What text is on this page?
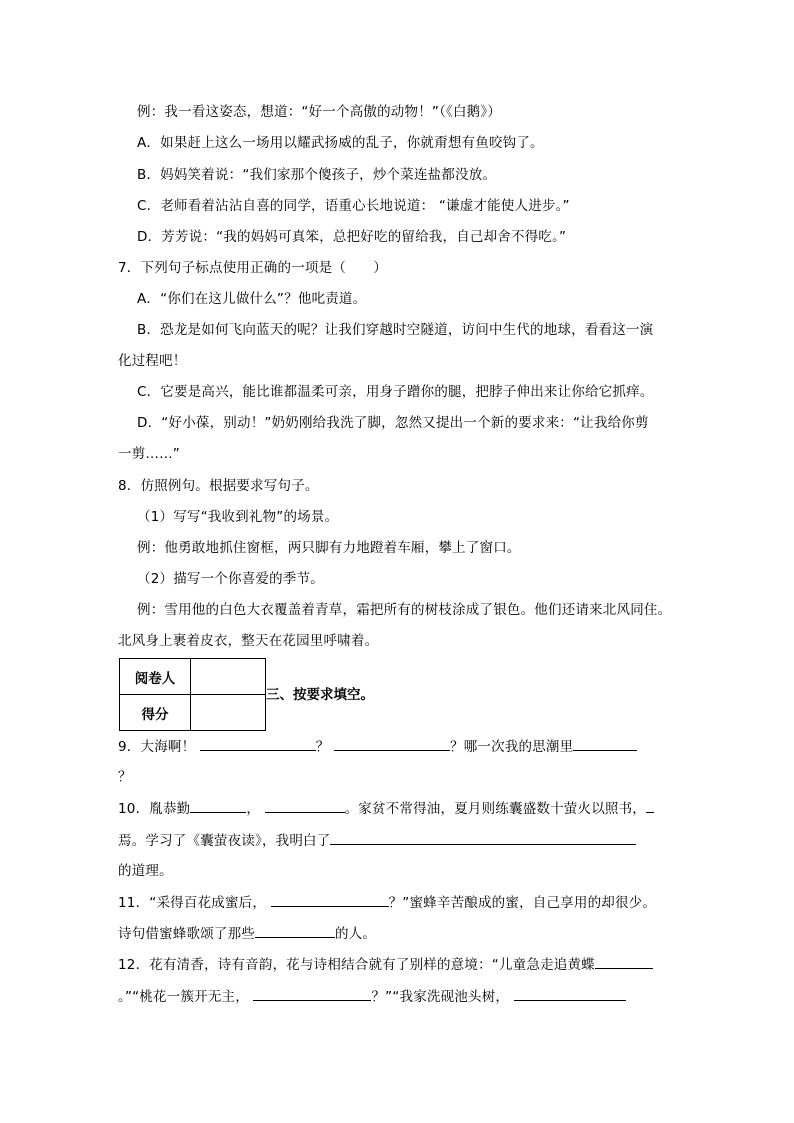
例：我一看这姿态，想道：“好一个高傲的动物！”（《白鹅》）
A．如果赶上这么一场用以耀武扬威的乱子，你就甭想有鱼咬钩了。
B．妈妈笑着说：“我们家那个傻孩子，炒个菜连盐都没放。
C．老师看着沾沾自喜的同学，语重心长地说道： “谦虚才能使人进步。”
D．芳芳说：“我的妈妈可真笨，总把好吃的留给我，自己却舍不得吃。”
7．下列句子标点使用正确的一项是（　　）
A．“你们在这儿做什么”？他叱责道。
B．恐龙是如何飞向蓝天的呢？让我们穿越时空隧道，访问中生代的地球，看看这一演
化过程吧！
C．它要是高兴，能比谁都温柔可亲，用身子蹭你的腿，把脖子伸出来让你给它抓痒。
D．“好小葆，别动！”奶奶刚给我洗了脚，忽然又提出一个新的要求来：“让我给你剪
一剪……”
8．仿照例句。根据要求写句子。
（1）写写“我收到礼物”的场景。
例：他勇敢地抓住窗框，两只脚有力地蹬着车厢，攀上了窗口。
（2）描写一个你喜爱的季节。
例：雪用他的白色大衣覆盖着青草，霜把所有的树枝涂成了银色。他们还请来北风同住。
北风身上裹着皮衣，整天在花园里呼啸着。
阅卷人	
得分	
三、按要求填空。
9．大海啊！	？	？哪一次我的思潮里
？
10．胤恭勤	，	。家贫不常得油，夏月则练囊盛数十萤火以照书，
焉。学习了《囊萤夜读》，我明白了
的道理。
11．“采得百花成蜜后，	？”蜜蜂辛苦酿成的蜜，自己享用的却很少。
诗句借蜜蜂歌颂了那些	的人。
12．花有清香，诗有音韵，花与诗相结合就有了别样的意境：“儿童急走追黄蝶
。”“桃花一簇开无主，	？”“我家洗砚池头树，
